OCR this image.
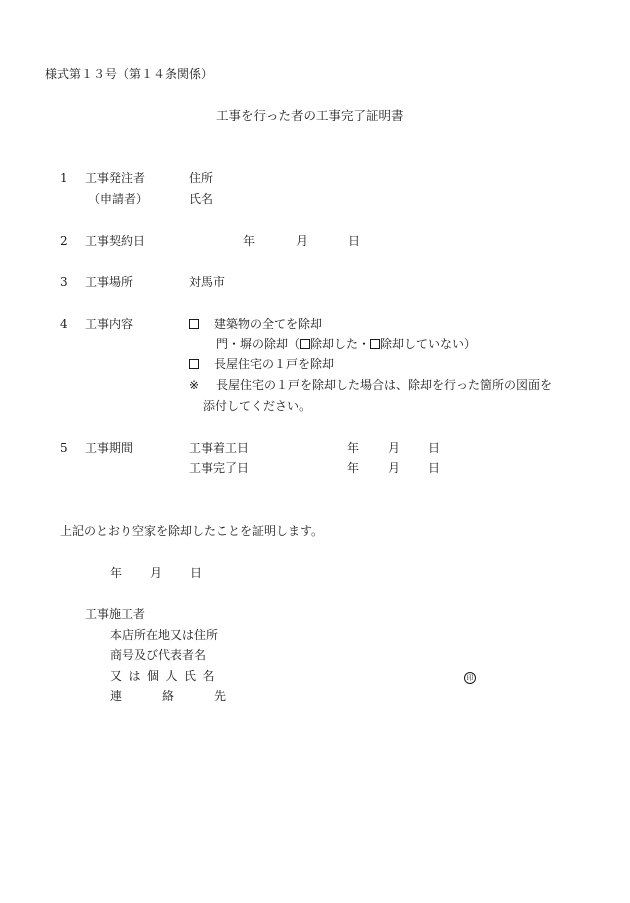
様式第１３号（第１４条関係）
工事を行った者の工事完了証明書
1 工事発注者	住所
（申請者）	氏名
2 工事契約日	年	月	日
3 工事場所	対馬市
4 工事内容	建築物の全てを除却
門・塀の除却（ 除却した・ 除却していない）
長屋住宅の１戸を除却
※ 長屋住宅の１戸を除却した場合は、除却を行った箇所の図面を
添付してください。
5 工事期間	工事着工日	年 月 日
工事完了日	年 月 日
上記のとおり空家を除却したことを証明します。
年 月 日
工事施工者
本店所在地又は住所
商号及び代表者名
又は個人氏名	印
連絡先
